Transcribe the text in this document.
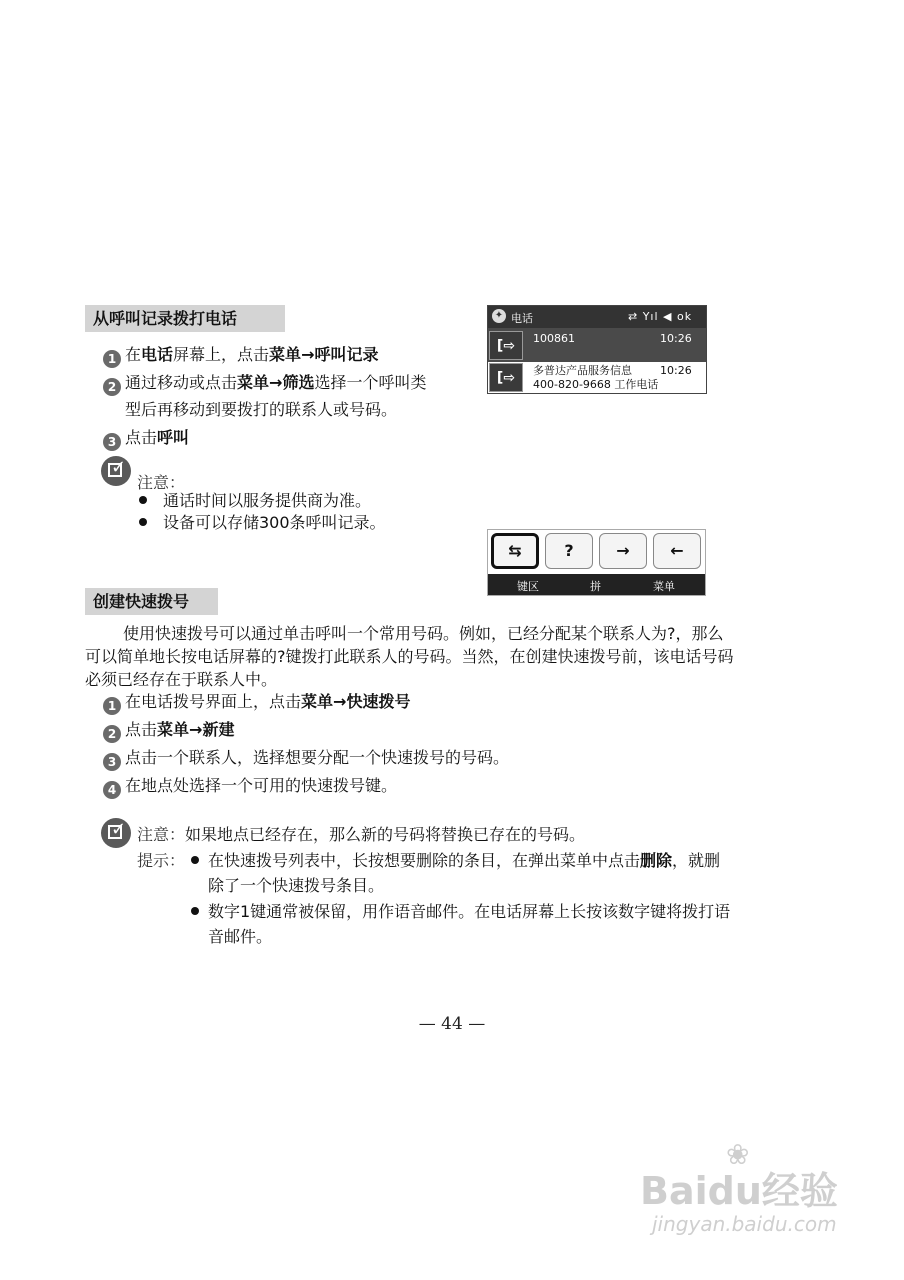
从呼叫记录拨打电话
1 在电话屏幕上，点击菜单→呼叫记录
2 通过移动或点击菜单→筛选选择一个呼叫类
型后再移动到要拨打的联系人或号码。
3 点击呼叫
✓
注意：
通话时间以服务提供商为准。
设备可以存储300条呼叫记录。
✦ 电话	⇄ Yıl ◀ ok
[⇨	100861	10:26
[⇨	多普达产品服务信息	10:26
400-820-9668 工作电话
⇆	?	→	←
键区	拼	菜单
创建快速拨号
使用快速拨号可以通过单击呼叫一个常用号码。例如，已经分配某个联系人为?，那么
可以简单地长按电话屏幕的?键拨打此联系人的号码。当然，在创建快速拨号前，该电话号码
必须已经存在于联系人中。
1 在电话拨号界面上，点击菜单→快速拨号
2 点击菜单→新建
3 点击一个联系人，选择想要分配一个快速拨号的号码。
4 在地点处选择一个可用的快速拨号键。
✓ 注意：如果地点已经存在，那么新的号码将替换已存在的号码。
提示：	在快速拨号列表中，长按想要删除的条目，在弹出菜单中点击删除，就删
除了一个快速拨号条目。
数字1键通常被保留，用作语音邮件。在电话屏幕上长按该数字键将拨打语
音邮件。
— 44 —
Baidu经验
❀
jingyan.baidu.com
